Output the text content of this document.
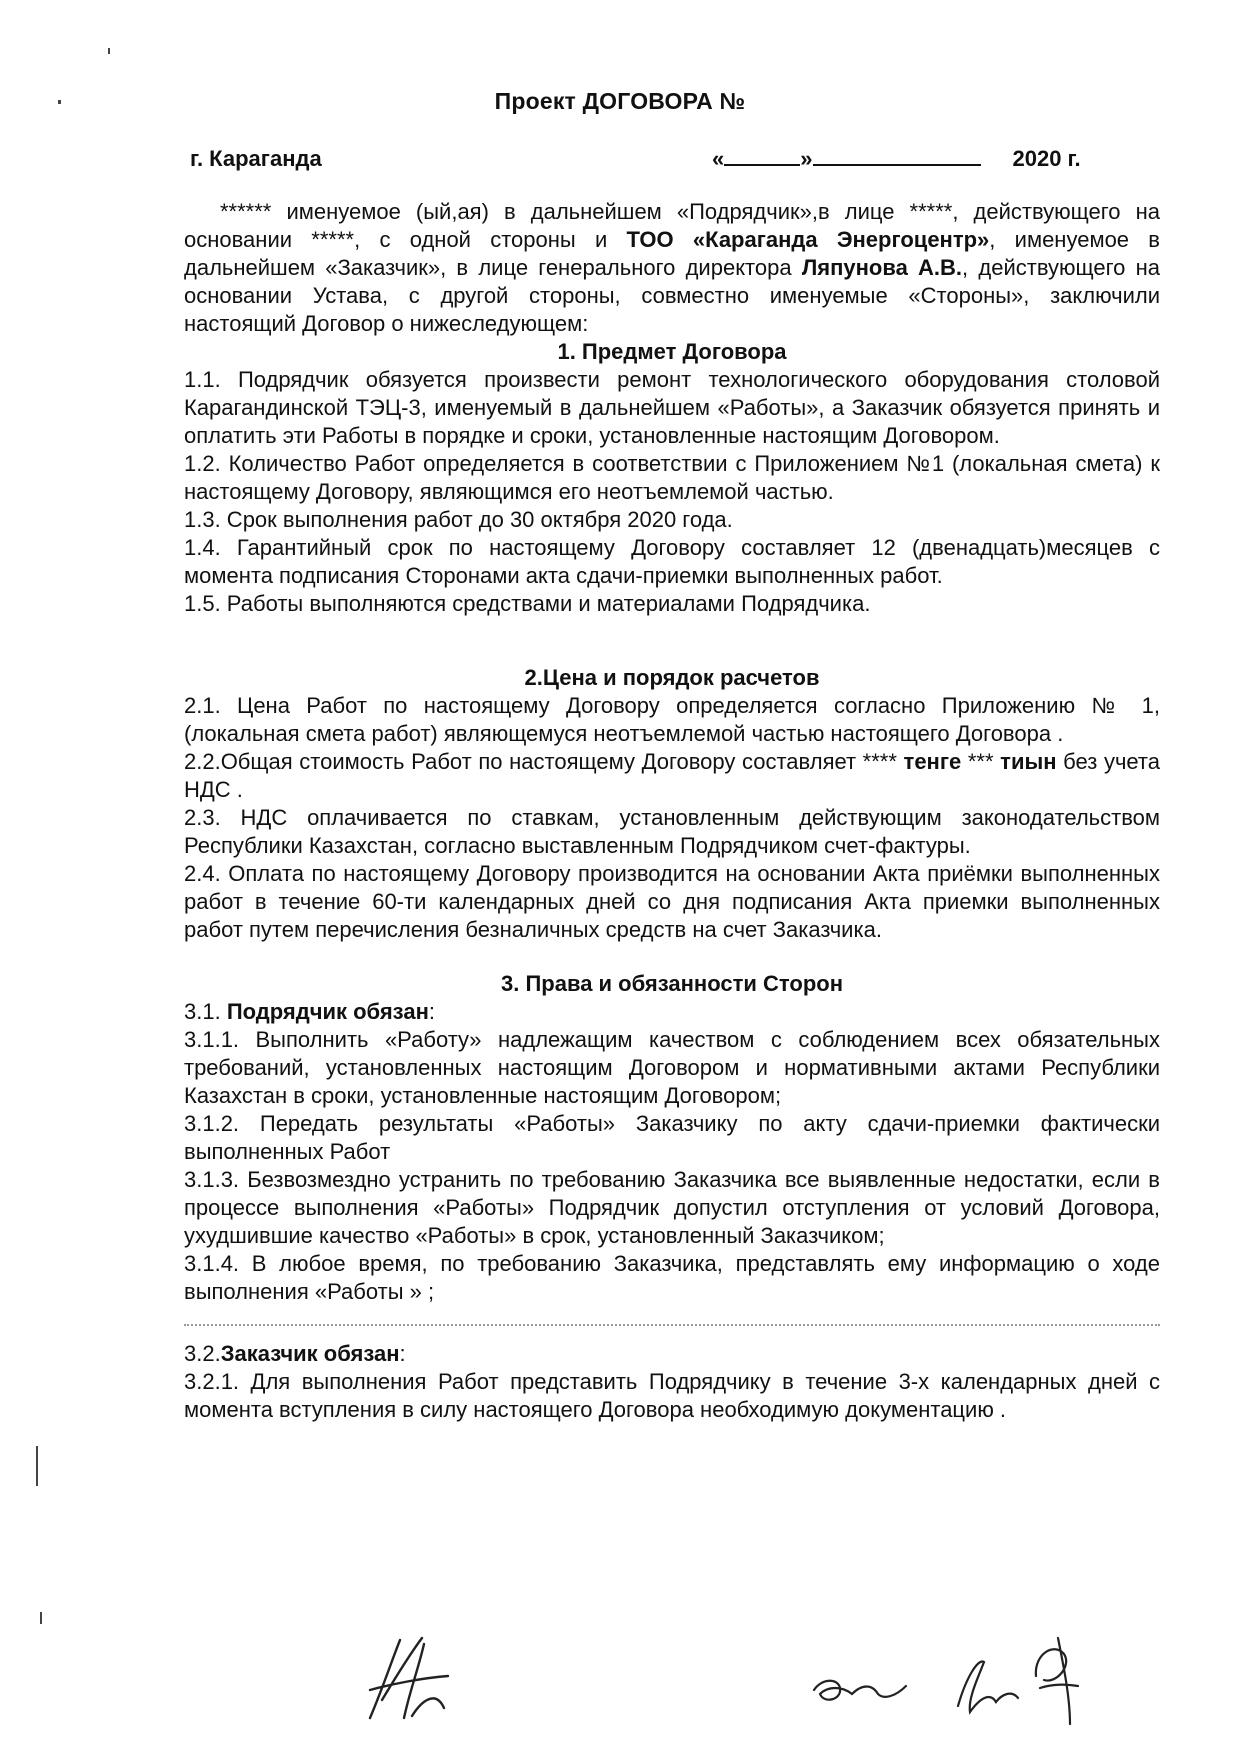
Проект ДОГОВОРА №
г. Караганда	«	»	2020 г.

****** именуемое (ый,ая) в дальнейшем «Подрядчик»,в лице *****, действующего на основании *****, с одной стороны и ТОО «Караганда Энергоцентр», именуемое в дальнейшем «Заказчик», в лице генерального директора Ляпунова А.В., действующего на основании Устава, с другой стороны, совместно именуемые «Стороны», заключили настоящий Договор о нижеследующем:

1. Предмет Договора

1.1. Подрядчик обязуется произвести ремонт технологического оборудования столовой Карагандинской ТЭЦ-3, именуемый в дальнейшем «Работы», а Заказчик обязуется принять и оплатить эти Работы в порядке и сроки, установленные настоящим Договором.

1.2. Количество Работ определяется в соответствии с Приложением №1 (локальная смета) к настоящему Договору, являющимся его неотъемлемой частью.

1.3. Срок выполнения работ до 30 октября 2020 года.

1.4. Гарантийный срок по настоящему Договору составляет 12 (двенадцать)месяцев с момента подписания Сторонами акта сдачи-приемки выполненных работ.

1.5. Работы выполняются средствами и материалами Подрядчика.

2.Цена и порядок расчетов

2.1. Цена Работ по настоящему Договору определяется согласно Приложению № 1, (локальная смета работ) являющемуся неотъемлемой частью настоящего Договора .

2.2.Общая стоимость Работ по настоящему Договору составляет **** тенге *** тиын без учета НДС .

2.3. НДС оплачивается по ставкам, установленным действующим законодательством Республики Казахстан, согласно выставленным Подрядчиком счет-фактуры.

2.4. Оплата по настоящему Договору производится на основании Акта приёмки выполненных работ в течение 60-ти календарных дней со дня подписания Акта приемки выполненных работ путем перечисления безналичных средств на счет Заказчика.

3. Права и обязанности Сторон

3.1. Подрядчик обязан:

3.1.1. Выполнить «Работу» надлежащим качеством с соблюдением всех обязательных требований, установленных настоящим Договором и нормативными актами Республики Казахстан в сроки, установленные настоящим Договором;

3.1.2. Передать результаты «Работы» Заказчику по акту сдачи-приемки фактически выполненных Работ

3.1.3. Безвозмездно устранить по требованию Заказчика все выявленные недостатки, если в процессе выполнения «Работы» Подрядчик допустил отступления от условий Договора, ухудшившие качество «Работы» в срок, установленный Заказчиком;

3.1.4. В любое время, по требованию Заказчика, представлять ему информацию о ходе выполнения «Работы » ;

3.2.Заказчик обязан:

3.2.1. Для выполнения Работ представить Подрядчику в течение 3-х календарных дней с момента вступления в силу настоящего Договора необходимую документацию .
